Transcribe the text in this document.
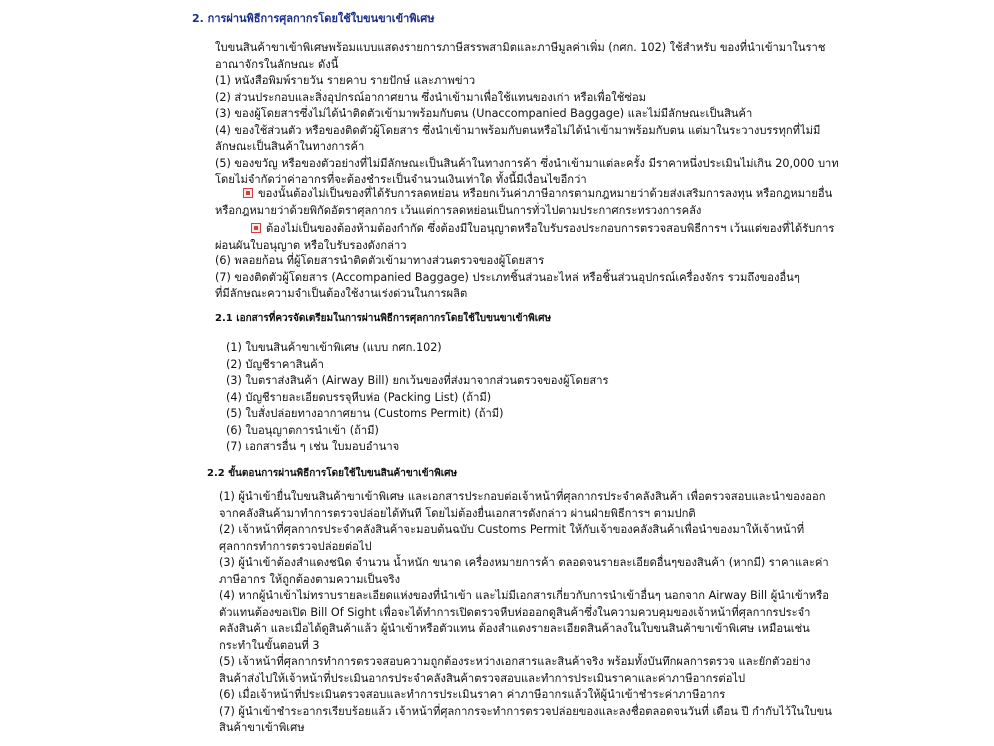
2. การผ่านพิธีการศุลกากรโดยใช้ใบขนขาเข้าพิเศษ
ใบขนสินค้าขาเข้าพิเศษพร้อมแบบแสดงรายการภาษีสรรพสามิตและภาษีมูลค่าเพิ่ม (กศก. 102) ใช้สำหรับ ของที่นำเข้ามาในราช
อาณาจักรในลักษณะ ดังนี้
(1) หนังสือพิมพ์รายวัน รายคาบ รายปักษ์ และภาพข่าว
(2) ส่วนประกอบและสิ่งอุปกรณ์อากาศยาน ซึ่งนำเข้ามาเพื่อใช้แทนของเก่า หรือเพื่อใช้ซ่อม
(3) ของผู้โดยสารซึ่งไม่ได้นำติดตัวเข้ามาพร้อมกับตน (Unaccompanied Baggage) และไม่มีลักษณะเป็นสินค้า
(4) ของใช้ส่วนตัว หรือของติดตัวผู้โดยสาร ซึ่งนำเข้ามาพร้อมกับตนหรือไม่ได้นำเข้ามาพร้อมกับตน แต่มาในระวางบรรทุกที่ไม่มี
ลักษณะเป็นสินค้าในทางการค้า
(5) ของขวัญ หรือของตัวอย่างที่ไม่มีลักษณะเป็นสินค้าในทางการค้า ซึ่งนำเข้ามาแต่ละครั้ง มีราคาหนึ่งประเมินไม่เกิน 20,000 บาท
โดยไม่จำกัดว่าค่าอากรที่จะต้องชำระเป็นจำนวนเงินเท่าใด ทั้งนี้มีเงื่อนไขอีกว่า
ของนั้นต้องไม่เป็นของที่ได้รับการลดหย่อน หรือยกเว้นค่าภาษีอากรตามกฎหมายว่าด้วยส่งเสริมการลงทุน หรือกฎหมายอื่น
หรือกฎหมายว่าด้วยพิกัดอัตราศุลกากร เว้นแต่การลดหย่อนเป็นการทั่วไปตามประกาศกระทรวงการคลัง
ต้องไม่เป็นของต้องห้ามต้องกำกัด ซึ่งต้องมีใบอนุญาตหรือใบรับรองประกอบการตรวจสอบพิธีการฯ เว้นแต่ของที่ได้รับการ
ผ่อนผันใบอนุญาต หรือใบรับรองดังกล่าว
(6) พลอยก้อน ที่ผู้โดยสารนำติดตัวเข้ามาทางส่วนตรวจของผู้โดยสาร
(7) ของติดตัวผู้โดยสาร (Accompanied Baggage) ประเภทชิ้นส่วนอะไหล่ หรือชิ้นส่วนอุปกรณ์เครื่องจักร รวมถึงของอื่นๆ
ที่มีลักษณะความจำเป็นต้องใช้งานเร่งด่วนในการผลิต
2.1 เอกสารที่ควรจัดเตรียมในการผ่านพิธีการศุลกากรโดยใช้ใบขนขาเข้าพิเศษ
(1) ใบขนสินค้าขาเข้าพิเศษ (แบบ กศก.102)
(2) บัญชีราคาสินค้า
(3) ใบตราส่งสินค้า (Airway Bill) ยกเว้นของที่ส่งมาจากส่วนตรวจของผู้โดยสาร
(4) บัญชีรายละเอียดบรรจุหีบห่อ (Packing List) (ถ้ามี)
(5) ใบสั่งปล่อยทางอากาศยาน (Customs Permit) (ถ้ามี)
(6) ใบอนุญาตการนำเข้า (ถ้ามี)
(7) เอกสารอื่น ๆ เช่น ใบมอบอำนาจ
2.2 ขั้นตอนการผ่านพิธีการโดยใช้ใบขนสินค้าขาเข้าพิเศษ
(1) ผู้นำเข้ายื่นใบขนสินค้าขาเข้าพิเศษ และเอกสารประกอบต่อเจ้าหน้าที่ศุลกากรประจำคลังสินค้า เพื่อตรวจสอบและนำของออก
จากคลังสินค้ามาทำการตรวจปล่อยได้ทันที โดยไม่ต้องยื่นเอกสารดังกล่าว ผ่านฝ่ายพิธีการฯ ตามปกติ
(2) เจ้าหน้าที่ศุลกากรประจำคลังสินค้าจะมอบต้นฉบับ Customs Permit ให้กับเจ้าของคลังสินค้าเพื่อนำของมาให้เจ้าหน้าที่
ศุลกากรทำการตรวจปล่อยต่อไป
(3) ผู้นำเข้าต้องสำแดงชนิด จำนวน น้ำหนัก ขนาด เครื่องหมายการค้า ตลอดจนรายละเอียดอื่นๆของสินค้า (หากมี) ราคาและค่า
ภาษีอากร ให้ถูกต้องตามความเป็นจริง
(4) หากผู้นำเข้าไม่ทราบรายละเอียดแห่งของที่นำเข้า และไม่มีเอกสารเกี่ยวกับการนำเข้าอื่นๆ นอกจาก Airway Bill ผู้นำเข้าหรือ
ตัวแทนต้องขอเปิด Bill Of Sight เพื่อจะได้ทำการเปิดตรวจหีบห่อออกดูสินค้าซึ่งในความควบคุมของเจ้าหน้าที่ศุลกากรประจำ
คลังสินค้า และเมื่อได้ดูสินค้าแล้ว ผู้นำเข้าหรือตัวแทน ต้องสำแดงรายละเอียดสินค้าลงในใบขนสินค้าขาเข้าพิเศษ เหมือนเช่น
กระทำในขั้นตอนที่ 3
(5) เจ้าหน้าที่ศุลกากรทำการตรวจสอบความถูกต้องระหว่างเอกสารและสินค้าจริง พร้อมทั้งบันทึกผลการตรวจ และยักตัวอย่าง
สินค้าส่งไปให้เจ้าหน้าที่ประเมินอากรประจำคลังสินค้าตรวจสอบและทำการประเมินราคาและค่าภาษีอากรต่อไป
(6) เมื่อเจ้าหน้าที่ประเมินตรวจสอบและทำการประเมินราคา ค่าภาษีอากรแล้วให้ผู้นำเข้าชำระค่าภาษีอากร
(7) ผู้นำเข้าชำระอากรเรียบร้อยแล้ว เจ้าหน้าที่ศุลกากรจะทำการตรวจปล่อยของและลงชื่อตลอดจนวันที่ เดือน ปี กำกับไว้ในใบขน
สินค้าขาเข้าพิเศษ
